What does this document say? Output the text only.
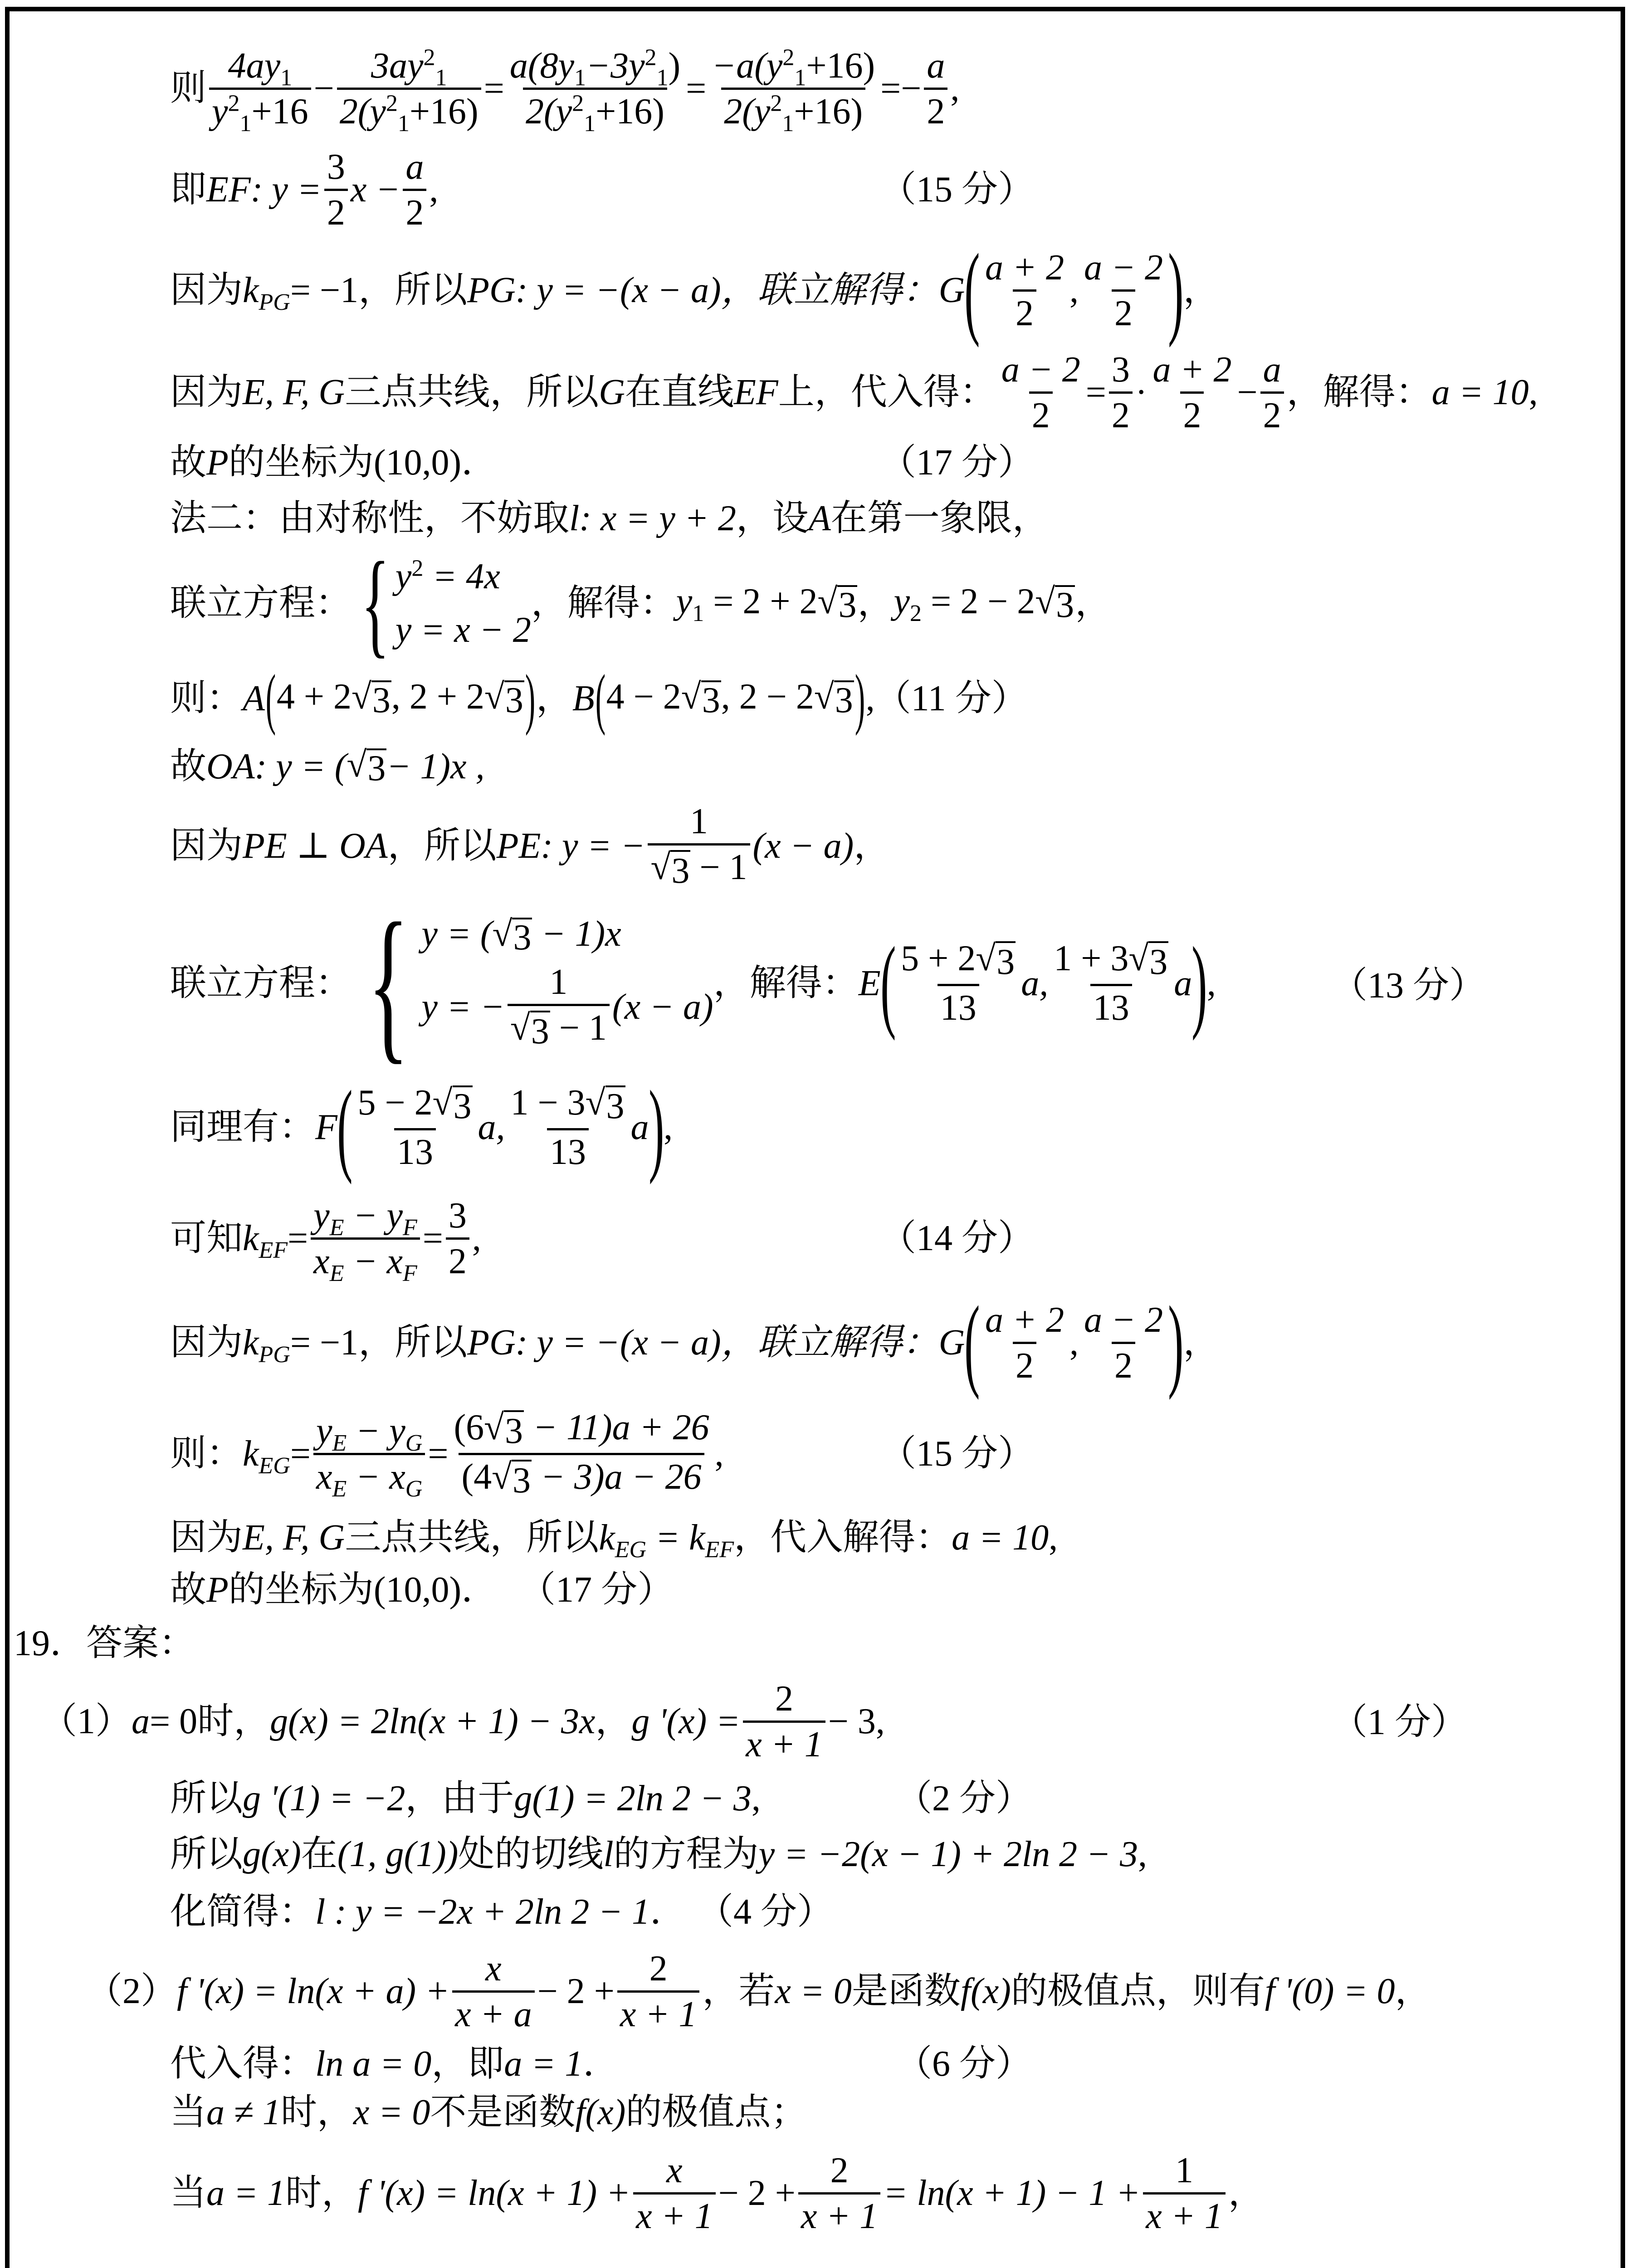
则 $\frac{4ay_1}{y^2_1+16} - \frac{3ay^2_1}{2(y^2_1+16)} = \frac{a(8y_1-3y^2_1)}{2(y^2_1+16)} = \frac{-a(y^2_1+16)}{2(y^2_1+16)}$ = − $\frac{a}{2}$ ,
即 EF : $y = \frac{3}{2}$ $x - \frac{a}{2}$ ,	（15 分）
因为 $k_{PG} = -1$，所以 PG : y = −(x − a)，联立解得： G ( $\frac{a + 2}{2}$ , $\frac{a - 2}{2}$ ) ，
因为 E, F, G 三点共线，所以 G 在直线 EF 上，代入得： $\frac{a - 2}{2} = \frac{3}{2} \cdot \frac{a + 2}{2} - \frac{a}{2}$ ，解得： a = 10 ,
故 P 的坐标为(10,0)．	（17 分）
法二：由对称性，不妨取 l : x = y + 2 ，设 A 在第一象限，
联立方程： { $y^2 = 4x$
y = x − 2
，解得： $y_1 = 2 + 2$ √ 3 ， $y_2 = 2 - 2$ √ 3 ，
则： A ( 4 + 2 √ 3 , 2 + 2 √ 3 ) ， B ( 4 − 2 √ 3 , 2 − 2 √ 3 ) , （11 分）
故 OA : y = ( √ 3 − 1)x ,
因为 PE ⊥ OA ，所以 PE : y = − $\frac{1}{√ 3 - 1} (x - a)$ ，
联立方程： { y = ( √ 3 − 1)x
y = − $\frac{1}{√ 3 - 1} (x - a)$
，解得： E ( $\frac{5 + 2 √ 3}{13} a$, $\frac{1 + 3 √ 3}{13}$ a ) ,	（13 分）
同理有： F ( $\frac{5 - 2 √ 3}{13} a$, $\frac{1 - 3 √ 3}{13}$ a ) ,
可知 $k_{EF} = \frac{y_E - y_F}{x_E - x_F} = \frac{3}{2}$ ,	（14 分）
因为 $k_{PG} = -1$，所以 PG : y = −(x − a)，联立解得： G ( $\frac{a + 2}{2}$ , $\frac{a - 2}{2}$ ) ，
则： $k_{EG} = \frac{y_E - y_G}{x_E - x_G} = \frac{(6 √ 3 - 11)a + 26}{(4 √ 3 - 3)a - 26}$ ,	（15 分）
因为 E, F, G 三点共线，所以 $k_{EG} = k_{EF}$ ，代入解得： a = 10 ,
故 P 的坐标为(10,0)． （17 分）
19．答案：
（1） a = 0时， g(x) = 2ln(x + 1) − 3x ， g '$(x) = \frac{2}{x + 1} - 3$ ,	（1 分）
所以 g '(1) = −2 ，由于 g(1) = 2ln 2 − 3 ,	（2 分）
所以 g(x) 在 (1, g(1)) 处的切线 l 的方程为 y = −2(x − 1) + 2ln 2 − 3 ,
化简得： l : y = −2x + 2ln 2 − 1 ． （4 分）
（2） f '$(x) = \ln(x + a) + \frac{x}{x + a} - 2 + \frac{2}{x + 1}$ ，若 x = 0 是函数 f(x) 的极值点，则有 f '(0) = 0 ，
代入得： ln a = 0 ，即 a = 1 ．	（6 分）
当 a ≠ 1 时， x = 0 不是函数 f(x) 的极值点；
当 a = 1 时， f '$(x) = \ln(x + 1) + \frac{x}{x + 1} - 2 + \frac{2}{x + 1} = \ln(x + 1) - 1 + \frac{1}{x + 1}$ ，
